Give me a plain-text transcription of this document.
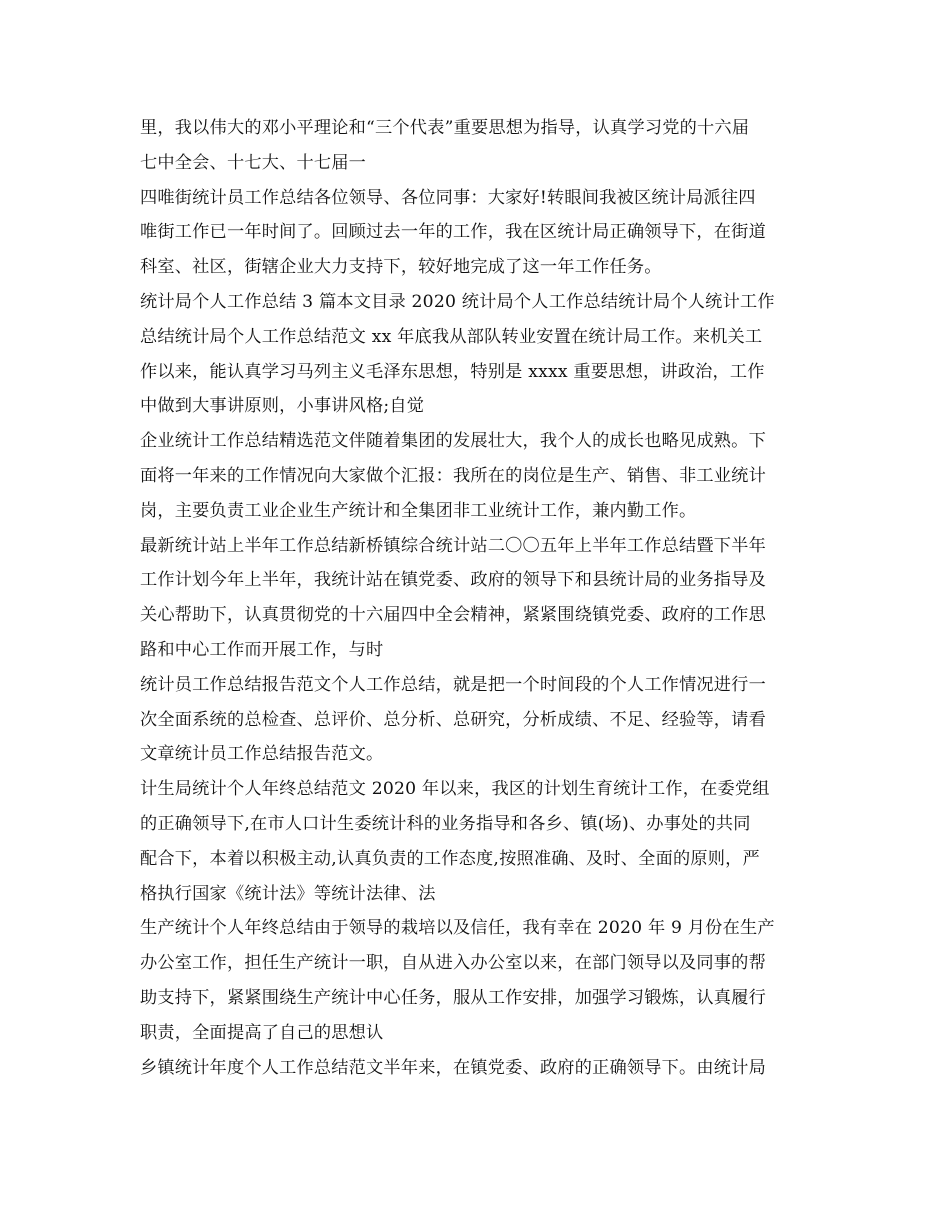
里，我以伟大的邓小平理论和“三个代表”重要思想为指导，认真学习党的十六届
七中全会、十七大、十七届一
四唯街统计员工作总结各位领导、各位同事：大家好!转眼间我被区统计局派往四
唯街工作已一年时间了。回顾过去一年的工作，我在区统计局正确领导下，在街道
科室、社区，街辖企业大力支持下，较好地完成了这一年工作任务。
统计局个人工作总结 3 篇本文目录 2020 统计局个人工作总结统计局个人统计工作
总结统计局个人工作总结范文 xx 年底我从部队转业安置在统计局工作。来机关工
作以来，能认真学习马列主义毛泽东思想，特别是 xxxx 重要思想，讲政治，工作
中做到大事讲原则，小事讲风格;自觉
企业统计工作总结精选范文伴随着集团的发展壮大，我个人的成长也略见成熟。下
面将一年来的工作情况向大家做个汇报：我所在的岗位是生产、销售、非工业统计
岗，主要负责工业企业生产统计和全集团非工业统计工作，兼内勤工作。
最新统计站上半年工作总结新桥镇综合统计站二〇〇五年上半年工作总结暨下半年
工作计划今年上半年，我统计站在镇党委、政府的领导下和县统计局的业务指导及
关心帮助下，认真贯彻党的十六届四中全会精神，紧紧围绕镇党委、政府的工作思
路和中心工作而开展工作，与时
统计员工作总结报告范文个人工作总结，就是把一个时间段的个人工作情况进行一
次全面系统的总检查、总评价、总分析、总研究，分析成绩、不足、经验等，请看
文章统计员工作总结报告范文。
计生局统计个人年终总结范文 2020 年以来，我区的计划生育统计工作，在委党组
的正确领导下,在市人口计生委统计科的业务指导和各乡、镇(场)、办事处的共同
配合下，本着以积极主动,认真负责的工作态度,按照准确、及时、全面的原则，严
格执行国家《统计法》等统计法律、法
生产统计个人年终总结由于领导的栽培以及信任，我有幸在 2020 年 9 月份在生产
办公室工作，担任生产统计一职，自从进入办公室以来，在部门领导以及同事的帮
助支持下，紧紧围绕生产统计中心任务，服从工作安排，加强学习锻炼，认真履行
职责，全面提高了自己的思想认
乡镇统计年度个人工作总结范文半年来，在镇党委、政府的正确领导下。由统计局
